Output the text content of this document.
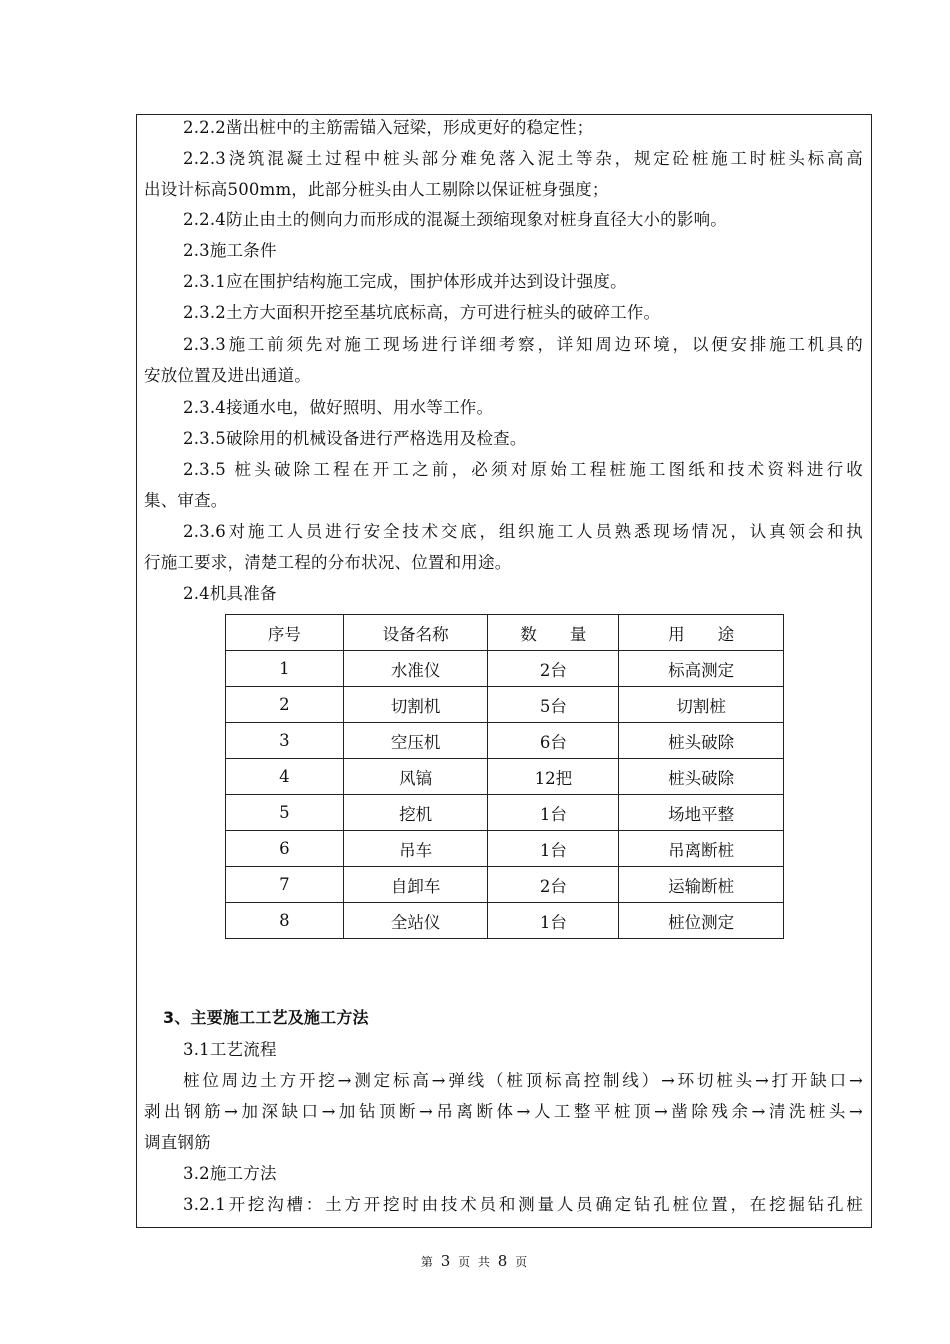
2.2.2凿出桩中的主筋需锚入冠梁，形成更好的稳定性；
2.2.3浇筑混凝土过程中桩头部分难免落入泥土等杂，规定砼桩施工时桩头标高高
出设计标高500mm，此部分桩头由人工剔除以保证桩身强度；
2.2.4防止由土的侧向力而形成的混凝土颈缩现象对桩身直径大小的影响。
2.3施工条件
2.3.1应在围护结构施工完成，围护体形成并达到设计强度。
2.3.2土方大面积开挖至基坑底标高，方可进行桩头的破碎工作。
2.3.3施工前须先对施工现场进行详细考察，详知周边环境，以便安排施工机具的
安放位置及进出通道。
2.3.4接通水电，做好照明、用水等工作。
2.3.5破除用的机械设备进行严格选用及检查。
2.3.5 桩头破除工程在开工之前，必须对原始工程桩施工图纸和技术资料进行收
集、审查。
2.3.6对施工人员进行安全技术交底，组织施工人员熟悉现场情况，认真领会和执
行施工要求，清楚工程的分布状况、位置和用途。
2.4机具准备
序号	设备名称	数　　量	用　　途
1	水准仪	2台	标高测定
2	切割机	5台	切割桩
3	空压机	6台	桩头破除
4	风镐	12把	桩头破除
5	挖机	1台	场地平整
6	吊车	1台	吊离断桩
7	自卸车	2台	运输断桩
8	全站仪	1台	桩位测定
3、主要施工工艺及施工方法
3.1工艺流程
桩位周边土方开挖→测定标高→弹线（桩顶标高控制线）→环切桩头→打开缺口→
剥出钢筋→加深缺口→加钻顶断→吊离断体→人工整平桩顶→凿除残余→清洗桩头→
调直钢筋
3.2施工方法
3.2.1开挖沟槽：土方开挖时由技术员和测量人员确定钻孔桩位置，在挖掘钻孔桩
第 3 页 共 8 页
